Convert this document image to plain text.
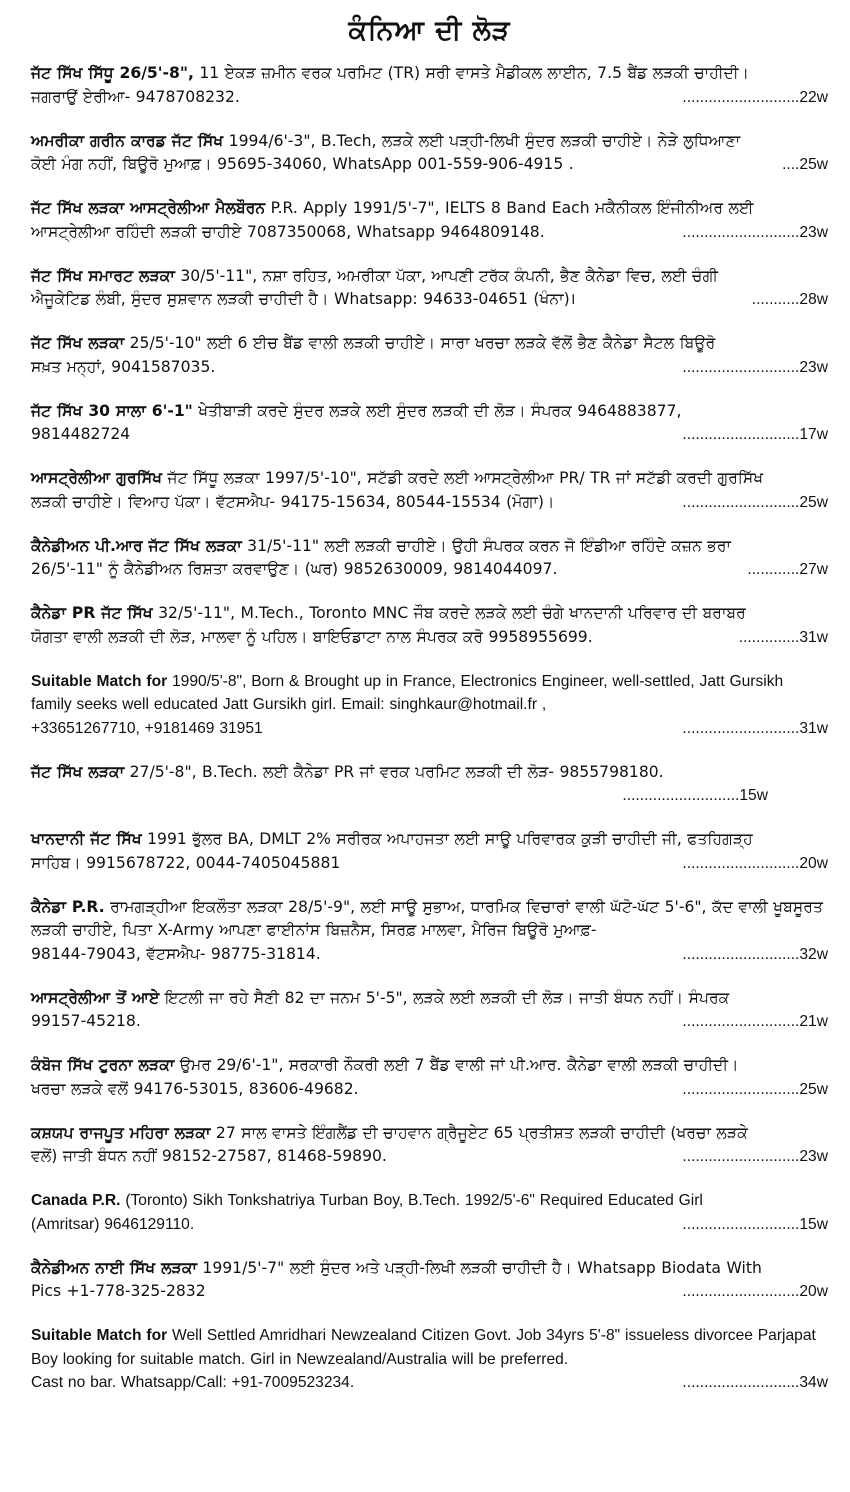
ਕੰਨਿਆ ਦੀ ਲੋੜ
ਜੱਟ ਸਿੱਖ ਸਿੱਧੂ 26/5'-8", 11 ਏਕੜ ਜ਼ਮੀਨ ਵਰਕ ਪਰਮਿਟ (TR) ਸਰੀ ਵਾਸਤੇ ਮੈਡੀਕਲ ਲਾਈਨ, 7.5 ਬੈਂਡ ਲੜਕੀ ਚਾਹੀਦੀ।
ਜਗਰਾਉਂ ਏਰੀਆ- 9478708232.	...........................22w
ਅਮਰੀਕਾ ਗਰੀਨ ਕਾਰਡ ਜੱਟ ਸਿੱਖ 1994/6'-3", B.Tech, ਲੜਕੇ ਲਈ ਪੜ੍ਹੀ-ਲਿਖੀ ਸੁੰਦਰ ਲੜਕੀ ਚਾਹੀਏ। ਨੇੜੇ ਲੁਧਿਆਣਾ
ਕੋਈ ਮੰਗ ਨਹੀਂ, ਬਿਊਰੋ ਮੁਆਫ਼। 95695-34060, WhatsApp 001-559-906-4915 .	....25w
ਜੱਟ ਸਿੱਖ ਲੜਕਾ ਆਸਟ੍ਰੇਲੀਆ ਮੈਲਬੌਰਨ P.R. Apply 1991/5'-7", IELTS 8 Band Each ਮਕੈਨੀਕਲ ਇੰਜੀਨੀਅਰ ਲਈ
ਆਸਟ੍ਰੇਲੀਆ ਰਹਿੰਦੀ ਲੜਕੀ ਚਾਹੀਏ 7087350068, Whatsapp 9464809148.	...........................23w
ਜੱਟ ਸਿੱਖ ਸਮਾਰਟ ਲੜਕਾ 30/5'-11", ਨਸ਼ਾ ਰਹਿਤ, ਅਮਰੀਕਾ ਪੱਕਾ, ਆਪਣੀ ਟਰੱਕ ਕੰਪਨੀ, ਭੈਣ ਕੈਨੇਡਾ ਵਿਚ, ਲਈ ਚੰਗੀ
ਐਜੂਕੇਟਿਡ ਲੰਬੀ, ਸੁੰਦਰ ਸੁਸ਼ਵਾਨ ਲੜਕੀ ਚਾਹੀਦੀ ਹੈ। Whatsapp: 94633-04651 (ਖੰਨਾ)।	...........28w
ਜੱਟ ਸਿੱਖ ਲੜਕਾ 25/5'-10" ਲਈ 6 ਈਚ ਬੈਂਡ ਵਾਲੀ ਲੜਕੀ ਚਾਹੀਏ। ਸਾਰਾ ਖਰਚਾ ਲੜਕੇ ਵੱਲੋਂ ਭੈਣ ਕੈਨੇਡਾ ਸੈਟਲ ਬਿਊਰੋ
ਸਖ਼ਤ ਮਨ੍ਹਾਂ, 9041587035.	...........................23w
ਜੱਟ ਸਿੱਖ 30 ਸਾਲਾ 6'-1" ਖੇਤੀਬਾੜੀ ਕਰਦੇ ਸੁੰਦਰ ਲੜਕੇ ਲਈ ਸੁੰਦਰ ਲੜਕੀ ਦੀ ਲੋੜ। ਸੰਪਰਕ 9464883877,
9814482724	...........................17w
ਆਸਟ੍ਰੇਲੀਆ ਗੁਰਸਿੱਖ ਜੱਟ ਸਿੱਧੂ ਲੜਕਾ 1997/5'-10", ਸਟੱਡੀ ਕਰਦੇ ਲਈ ਆਸਟ੍ਰੇਲੀਆ PR/ TR ਜਾਂ ਸਟੱਡੀ ਕਰਦੀ ਗੁਰਸਿੱਖ
ਲੜਕੀ ਚਾਹੀਏ। ਵਿਆਹ ਪੱਕਾ। ਵੱਟਸਐਪ- 94175-15634, 80544-15534 (ਮੋਗਾ)।	...........................25w
ਕੈਨੇਡੀਅਨ ਪੀ.ਆਰ ਜੱਟ ਸਿੱਖ ਲੜਕਾ 31/5'-11" ਲਈ ਲੜਕੀ ਚਾਹੀਏ। ਉਹੀ ਸੰਪਰਕ ਕਰਨ ਜੋ ਇੰਡੀਆ ਰਹਿੰਦੇ ਕਜ਼ਨ ਭਰਾ
26/5'-11" ਨੂੰ ਕੈਨੇਡੀਅਨ ਰਿਸ਼ਤਾ ਕਰਵਾਉਣ। (ਘਰ) 9852630009, 9814044097.	............27w
ਕੈਨੇਡਾ PR ਜੱਟ ਸਿੱਖ 32/5'-11", M.Tech., Toronto MNC ਜੌਬ ਕਰਦੇ ਲੜਕੇ ਲਈ ਚੰਗੇ ਖਾਨਦਾਨੀ ਪਰਿਵਾਰ ਦੀ ਬਰਾਬਰ
ਯੋਗਤਾ ਵਾਲੀ ਲੜਕੀ ਦੀ ਲੋੜ, ਮਾਲਵਾ ਨੂੰ ਪਹਿਲ। ਬਾਇਓਡਾਟਾ ਨਾਲ ਸੰਪਰਕ ਕਰੋ 9958955699.	..............31w
Suitable Match for 1990/5'-8", Born & Brought up in France, Electronics Engineer, well-settled, Jatt Gursikh family seeks well educated Jatt Gursikh girl. Email: singhkaur@hotmail.fr ,
+33651267710, +9181469 31951	...........................31w
ਜੱਟ ਸਿੱਖ ਲੜਕਾ 27/5'-8", B.Tech. ਲਈ ਕੈਨੇਡਾ PR ਜਾਂ ਵਰਕ ਪਰਮਿਟ ਲੜਕੀ ਦੀ ਲੋੜ- 9855798180.
...........................15w
ਖਾਨਦਾਨੀ ਜੱਟ ਸਿੱਖ 1991 ਭੁੱਲਰ BA, DMLT 2% ਸਰੀਰਕ ਅਪਾਹਜਤਾ ਲਈ ਸਾਊ ਪਰਿਵਾਰਕ ਕੁੜੀ ਚਾਹੀਦੀ ਜੀ, ਫਤਹਿਗੜ੍ਹ
ਸਾਹਿਬ। 9915678722, 0044-7405045881	...........................20w
ਕੈਨੇਡਾ P.R. ਰਾਮਗੜ੍ਹੀਆ ਇਕਲੌਤਾ ਲੜਕਾ 28/5'-9", ਲਈ ਸਾਊ ਸੁਭਾਅ, ਧਾਰਮਿਕ ਵਿਚਾਰਾਂ ਵਾਲੀ ਘੱਟੋ-ਘੱਟ 5'-6", ਕੱਦ ਵਾਲੀ ਖੂਬਸੂਰਤ ਲੜਕੀ ਚਾਹੀਏ, ਪਿਤਾ X-Army ਆਪਣਾ ਫਾਈਨਾਂਸ ਬਿਜ਼ਨੈਸ, ਸਿਰਫ਼ ਮਾਲਵਾ, ਮੈਰਿਜ ਬਿਊਰੋ ਮੁਆਫ਼-
98144-79043, ਵੱਟਸਐਪ- 98775-31814.	...........................32w
ਆਸਟ੍ਰੇਲੀਆ ਤੋਂ ਆਏ ਇਟਲੀ ਜਾ ਰਹੇ ਸੈਣੀ 82 ਦਾ ਜਨਮ 5'-5", ਲੜਕੇ ਲਈ ਲੜਕੀ ਦੀ ਲੋੜ। ਜਾਤੀ ਬੰਧਨ ਨਹੀਂ। ਸੰਪਰਕ
99157-45218.	...........................21w
ਕੰਬੋਜ ਸਿੱਖ ਟੁਰਨਾ ਲੜਕਾ ਉਮਰ 29/6'-1", ਸਰਕਾਰੀ ਨੌਕਰੀ ਲਈ 7 ਬੈਂਡ ਵਾਲੀ ਜਾਂ ਪੀ.ਆਰ. ਕੈਨੇਡਾ ਵਾਲੀ ਲੜਕੀ ਚਾਹੀਦੀ।
ਖਰਚਾ ਲੜਕੇ ਵਲੋਂ 94176-53015, 83606-49682.	...........................25w
ਕਸ਼ਯਪ ਰਾਜਪੂਤ ਮਹਿਰਾ ਲੜਕਾ 27 ਸਾਲ ਵਾਸਤੇ ਇੰਗਲੈਂਡ ਦੀ ਚਾਹਵਾਨ ਗ੍ਰੈਜੂਏਟ 65 ਪ੍ਰਤੀਸ਼ਤ ਲੜਕੀ ਚਾਹੀਦੀ (ਖਰਚਾ ਲੜਕੇ
ਵਲੋਂ) ਜਾਤੀ ਬੰਧਨ ਨਹੀਂ 98152-27587, 81468-59890.	...........................23w
Canada P.R. (Toronto) Sikh Tonkshatriya Turban Boy, B.Tech. 1992/5'-6" Required Educated Girl
(Amritsar) 9646129110.	...........................15w
ਕੈਨੇਡੀਅਨ ਨਾਈ ਸਿੱਖ ਲੜਕਾ 1991/5'-7" ਲਈ ਸੁੰਦਰ ਅਤੇ ਪੜ੍ਹੀ-ਲਿਖੀ ਲੜਕੀ ਚਾਹੀਦੀ ਹੈ। Whatsapp Biodata With
Pics +1-778-325-2832	...........................20w
Suitable Match for Well Settled Amridhari Newzealand Citizen Govt. Job 34yrs 5'-8" issueless divorcee Parjapat Boy looking for suitable match. Girl in Newzealand/Australia will be preferred.
Cast no bar. Whatsapp/Call: +91-7009523234.	...........................34w
